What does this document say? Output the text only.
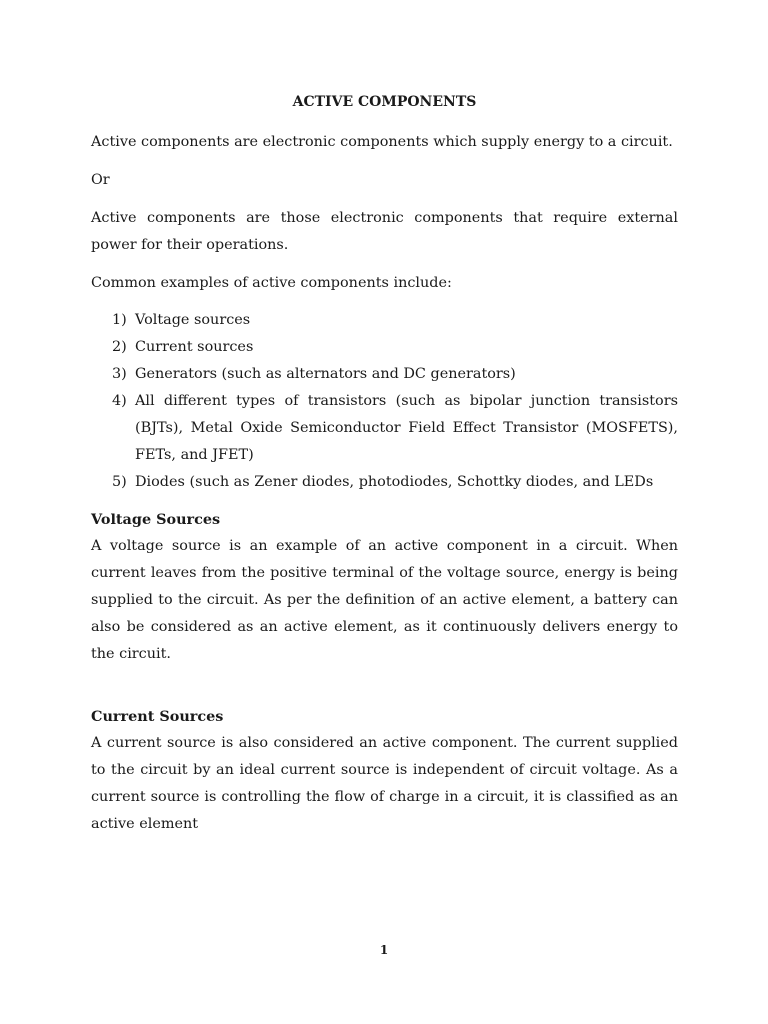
ACTIVE COMPONENTS

Active components are electronic components which supply energy to a circuit.

Or

Active components are those electronic components that require external power for their operations.

Common examples of active components include:

1) Voltage sources
2) Current sources
3) Generators (such as alternators and DC generators)
4) All different types of transistors (such as bipolar junction transistors (BJTs), Metal Oxide Semiconductor Field Effect Transistor (MOSFETS), FETs, and JFET)
5) Diodes (such as Zener diodes, photodiodes, Schottky diodes, and LEDs
Voltage Sources

A voltage source is an example of an active component in a circuit. When current leaves from the positive terminal of the voltage source, energy is being supplied to the circuit. As per the definition of an active element, a battery can also be considered as an active element, as it continuously delivers energy to the circuit.

Current Sources

A current source is also considered an active component. The current supplied to the circuit by an ideal current source is independent of circuit voltage. As a current source is controlling the flow of charge in a circuit, it is classified as an active element

1
